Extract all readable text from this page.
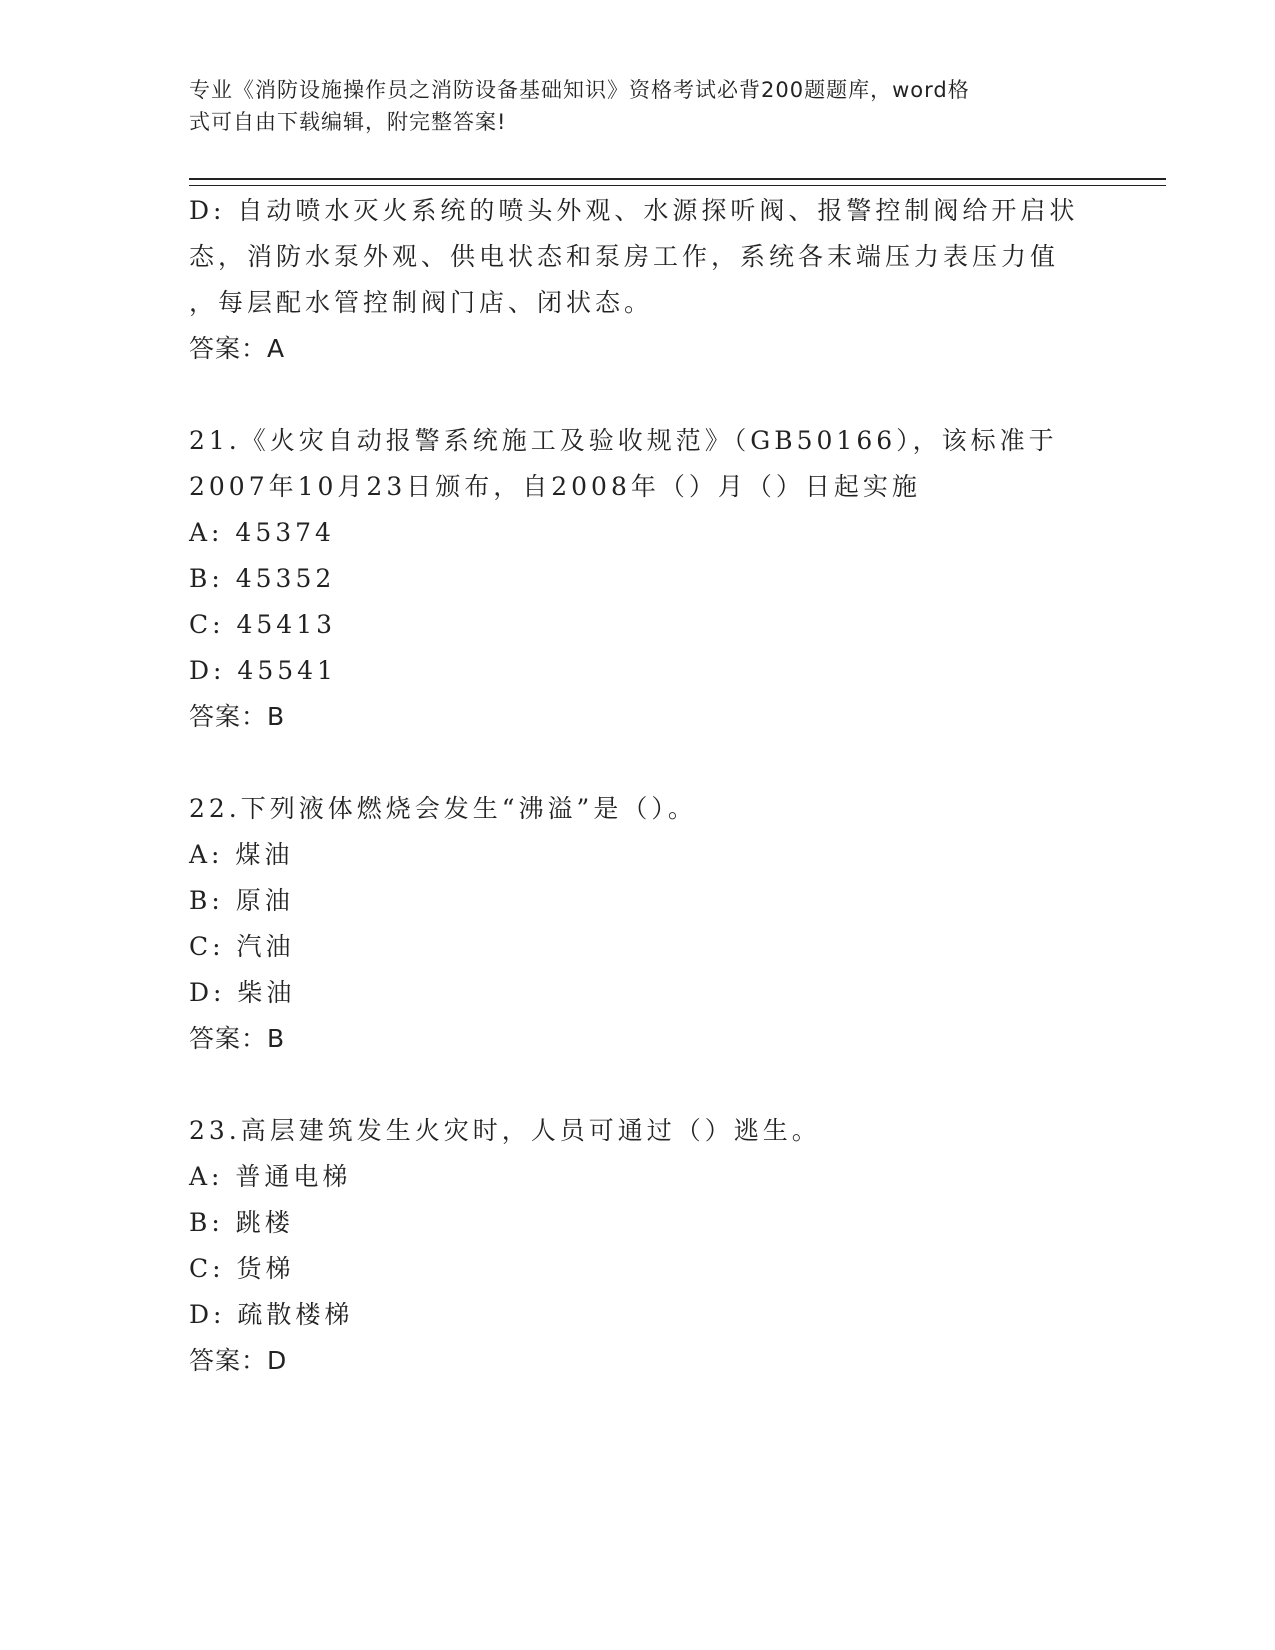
专业《消防设施操作员之消防设备基础知识》资格考试必背200题题库，word格
式可自由下载编辑，附完整答案!
D: 自动喷水灭火系统的喷头外观、水源探听阀、报警控制阀给开启状
态，消防水泵外观、供电状态和泵房工作，系统各末端压力表压力值
，每层配水管控制阀门店、闭状态。
答案：A
21.《火灾自动报警系统施工及验收规范》（GB50166），该标准于
2007年10月23日颁布，自2008年（）月（）日起实施
A: 45374
B: 45352
C: 45413
D: 45541
答案：B
22.下列液体燃烧会发生“沸溢”是（）。
A: 煤油
B: 原油
C: 汽油
D: 柴油
答案：B
23.高层建筑发生火灾时，人员可通过（）逃生。
A: 普通电梯
B: 跳楼
C: 货梯
D: 疏散楼梯
答案：D
